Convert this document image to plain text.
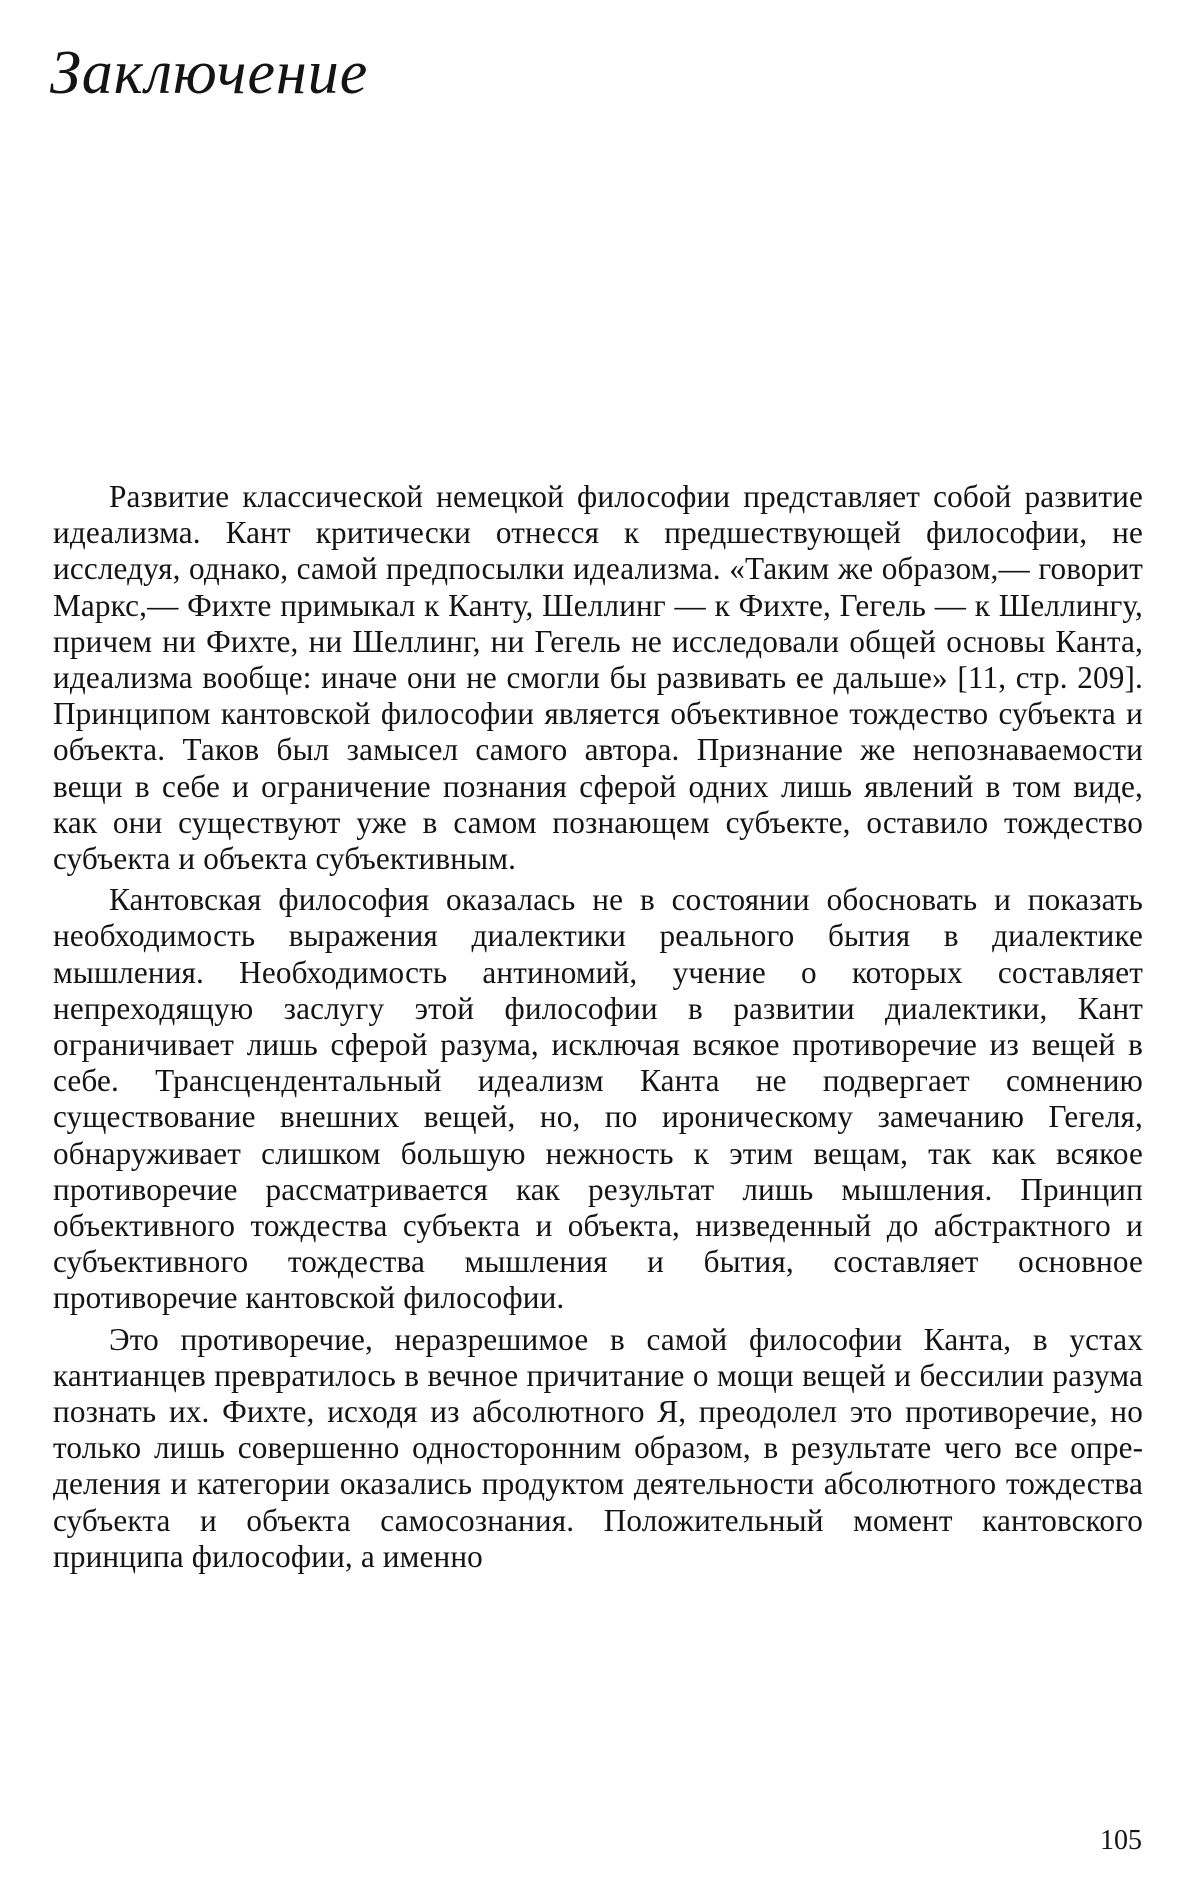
Заключение

Развитие классической немецкой философии представляет собой развитие идеализма. Кант критически отнесся к предшествующей философии, не исследуя, однако, самой предпосылки идеализма. «Таким же образом,— говорит Маркс,— Фихте примыкал к Канту, Шеллинг — к Фихте, Гегель — к Шеллингу, причем ни Фихте, ни Шеллинг, ни Гегель не исследовали общей основы Канта, идеализма вообще: иначе они не смогли бы развивать ее дальше» [11, стр. 209]. Принципом кантовской философии является объективное тождество субъекта и объекта. Таков был замысел самого автора. Признание же непознаваемости вещи в себе и ограничение познания сферой одних лишь явлений в том виде, как они существуют уже в самом познающем субъекте, оставило тождество субъекта и объекта субъективным.

Кантовская философия оказалась не в состоянии обосновать и показать необходимость выражения диалектики реального бытия в диалектике мышления. Необходимость антиномий, учение о которых составляет непреходящую заслугу этой философии в развитии диалектики, Кант ограничивает лишь сферой разума, исключая всякое противоречие из вещей в себе. Трансцендентальный идеализм Канта не подвергает сомнению существование внешних вещей, но, по ироническому замечанию Гегеля, обнаруживает слишком большую нежность к этим вещам, так как всякое противоречие рассматривается как результат лишь мышления. Принцип объективного тождества субъекта и объекта, низведенный до абстрактного и субъективного тождества мышления и бытия, составляет основное противоречие кантовской философии.

Это противоречие, неразрешимое в самой философии Канта, в устах кантианцев превратилось в вечное причитание о мощи вещей и бессилии разума познать их. Фихте, исходя из абсолютного Я, преодолел это противоречие, но только лишь совершенно односторонним образом, в результате чего все определения и категории оказались продуктом деятельности абсолютного тождества субъекта и объекта самосознания. Положительный момент кантовского принципа философии, а именно

105
